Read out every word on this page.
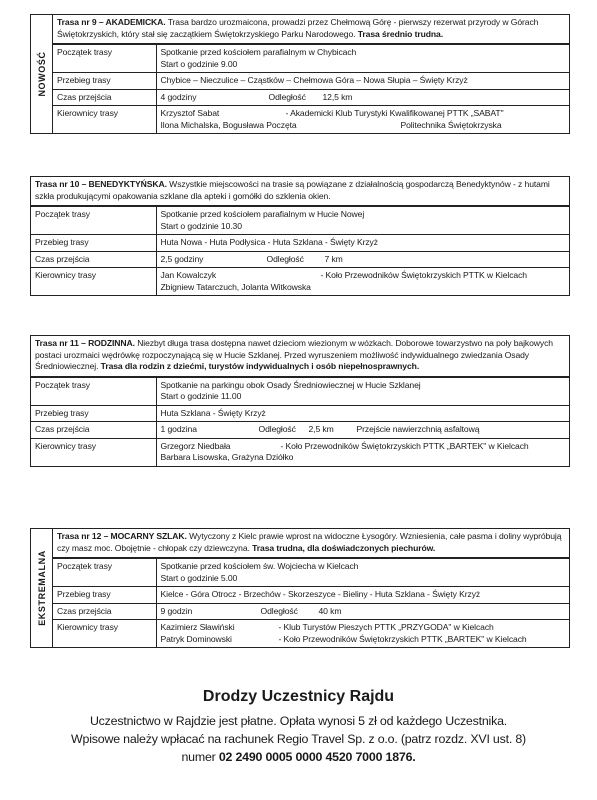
NOWOŚĆ
Trasa nr 9 – AKADEMICKA. Trasa bardzo urozmaicona, prowadzi przez Chełmową Górę - pierwszy rezerwat przyrody w Górach Świętokrzyskich, który stał się zaczątkiem Świętokrzyskiego Parku Narodowego. Trasa średnio trudna.
Początek trasy	Spotkanie przed kościołem parafialnym w Chybicach
Start o godzinie 9.00

Przebieg trasy	Chybice – Nieczulice – Cząstków – Chełmowa Góra – Nowa Słupia – Święty Krzyż
Czas przejścia	4 godziny Odległość 12,5 km

Kierownicy trasy	Krzysztof Sabat - Akademicki Klub Turystyki Kwalifikowanej PTTK „SABAT"
Ilona Michalska, Bogusława Poczęta Politechnika Świętokrzyska
Trasa nr 10 – BENEDYKTYŃSKA. Wszystkie miejscowości na trasie są powiązane z działalnością gospodarczą Benedyktynów - z hutami szkła produkującymi opakowania szklane dla apteki i gomółki do szklenia okien.
Początek trasy	Spotkanie przed kościołem parafialnym w Hucie Nowej
Start o godzinie 10.30

Przebieg trasy	Huta Nowa - Huta Podłysica - Huta Szklana - Święty Krzyż
Czas przejścia	2,5 godziny Odległość 7 km

Kierownicy trasy	Jan Kowalczyk - Koło Przewodników Świętokrzyskich PTTK w Kielcach
Zbigniew Tatarczuch, Jolanta Witkowska
Trasa nr 11 – RODZINNA. Niezbyt długa trasa dostępna nawet dzieciom wiezionym w wózkach. Doborowe towarzystwo na poły bajkowych postaci urozmaici wędrówkę rozpoczynającą się w Hucie Szklanej. Przed wyruszeniem możliwość indywidualnego zwiedzania Osady Średniowiecznej. Trasa dla rodzin z dziećmi, turystów indywidualnych i osób niepełnosprawnych.
Początek trasy	Spotkanie na parkingu obok Osady Średniowiecznej w Hucie Szklanej
Start o godzinie 11.00

Przebieg trasy	Huta Szklana - Święty Krzyż
Czas przejścia	1 godzina Odległość 2,5 km Przejście nawierzchnią asfaltową

Kierownicy trasy	Grzegorz Niedbała - Koło Przewodników Świętokrzyskich PTTK „BARTEK" w Kielcach
Barbara Lisowska, Grażyna Dziółko
EKSTREMALNA
Trasa nr 12 – MOCARNY SZLAK. Wytyczony z Kielc prawie wprost na widoczne Łysogóry. Wzniesienia, całe pasma i doliny wypróbują czy masz moc. Obojętnie - chłopak czy dziewczyna. Trasa trudna, dla doświadczonych piechurów.
Początek trasy	Spotkanie przed kościołem św. Wojciecha w Kielcach
Start o godzinie 5.00

Przebieg trasy	Kielce - Góra Otrocz - Brzechów - Skorzeszyce - Bieliny - Huta Szklana - Święty Krzyż
Czas przejścia	9 godzin Odległość 40 km

Kierownicy trasy	Kazimierz Sławiński - Klub Turystów Pieszych PTTK „PRZYGODA" w Kielcach
Patryk Dominowski - Koło Przewodników Świętokrzyskich PTTK „BARTEK" w Kielcach
Drodzy Uczestnicy Rajdu
Uczestnictwo w Rajdzie jest płatne. Opłata wynosi 5 zł od każdego Uczestnika.
Wpisowe należy wpłacać na rachunek Regio Travel Sp. z o.o. (patrz rozdz. XVI ust. 8)
numer 02 2490 0005 0000 4520 7000 1876.
